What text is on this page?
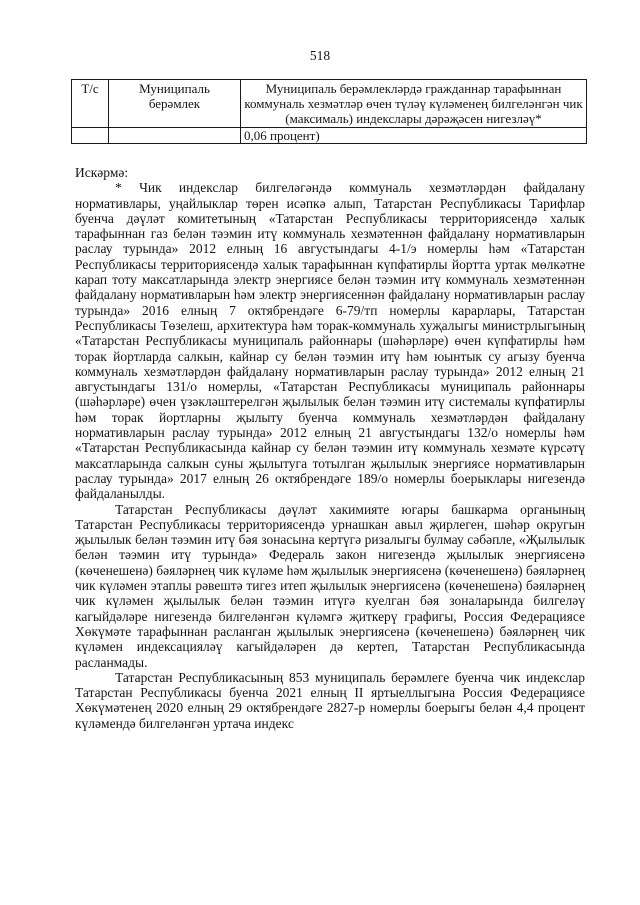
518
Т/с	Муниципаль берәмлек	Муниципаль берәмлекләрдә гражданнар тарафыннан коммуналь хезмәтләр өчен түләү күләменең билгеләнгән чик (максималь) индекслары дәрәҗәсен нигезләү*
		0,06 процент)

Искәрмә:

* Чик индекслар билгеләгәндә коммуналь хезмәтләрдән файдалану нормативлары, уңайлыклар төрен исәпкә алып, Татарстан Республикасы Тарифлар буенча дәүләт комитетының «Татарстан Республикасы территориясендә халык тарафыннан газ белән тәэмин итү коммуналь хезмәтеннән файдалану нормативларын раслау турында» 2012 елның 16 августындагы 4-1/э номерлы һәм «Татарстан Республикасы территориясендә халык тарафыннан күпфатирлы йортта уртак мөлкәтне карап тоту максатларында электр энергиясе белән тәэмин итү коммуналь хезмәтеннән файдалану нормативларын һәм электр энергиясеннән файдалану нормативларын раслау турында» 2016 елның 7 октябрендәге 6-79/тп номерлы карарлары, Татарстан Республикасы Төзелеш, архитектура һәм торак-коммуналь хуҗалыгы министрлыгының «Татарстан Республикасы муниципаль районнары (шәһәрләре) өчен күпфатирлы һәм торак йортларда салкын, кайнар су белән тәэмин итү һәм юынтык су агызу буенча коммуналь хезмәтләрдән файдалану нормативларын раслау турында» 2012 елның 21 августындагы 131/о номерлы, «Татарстан Республикасы муниципаль районнары (шәһәрләре) өчен үзәкләштерелгән җылылык белән тәэмин итү системалы күпфатирлы һәм торак йортларны җылыту буенча коммуналь хезмәтләрдән файдалану нормативларын раслау турында» 2012 елның 21 августындагы 132/о номерлы һәм «Татарстан Республикасында кайнар су белән тәэмин итү коммуналь хезмәте күрсәтү максатларында салкын суны җылытуга тотылган җылылык энергиясе нормативларын раслау турында» 2017 елның 26 октябрендәге 189/о номерлы боерыклары нигезендә файдаланылды.

Татарстан Республикасы дәүләт хакимияте югары башкарма органының Татарстан Республикасы территориясендә урнашкан авыл җирлеген, шәһәр округын җылылык белән тәэмин итү бәя зонасына кертүгә ризалыгы булмау сәбәпле, «Җылылык белән тәэмин итү турында» Федераль закон нигезендә җылылык энергиясенә (көченешенә) бәяләрнең чик күләме һәм җылылык энергиясенә (көченешенә) бәяләрнең чик күләмен этаплы рәвештә тигез итеп җылылык энергиясенә (көченешенә) бәяләрнең чик күләмен җылылык белән тәэмин итүгә куелган бәя зоналарында билгеләү кагыйдәләре нигезендә билгеләнгән күләмгә җиткерү графигы, Россия Федерациясе Хөкүмәте тарафыннан расланган җылылык энергиясенә (көченешенә) бәяләрнең чик күләмен индексацияләү кагыйдәләрен дә кертеп, Татарстан Республикасында расланмады.

Татарстан Республикасының 853 муниципаль берәмлеге буенча чик индекслар Татарстан Республикасы буенча 2021 елның II яртыеллыгына Россия Федерациясе Хөкүмәтенең 2020 елның 29 октябрендәге 2827-р номерлы боерыгы белән 4,4 процент күләмендә билгеләнгән уртача индекс
